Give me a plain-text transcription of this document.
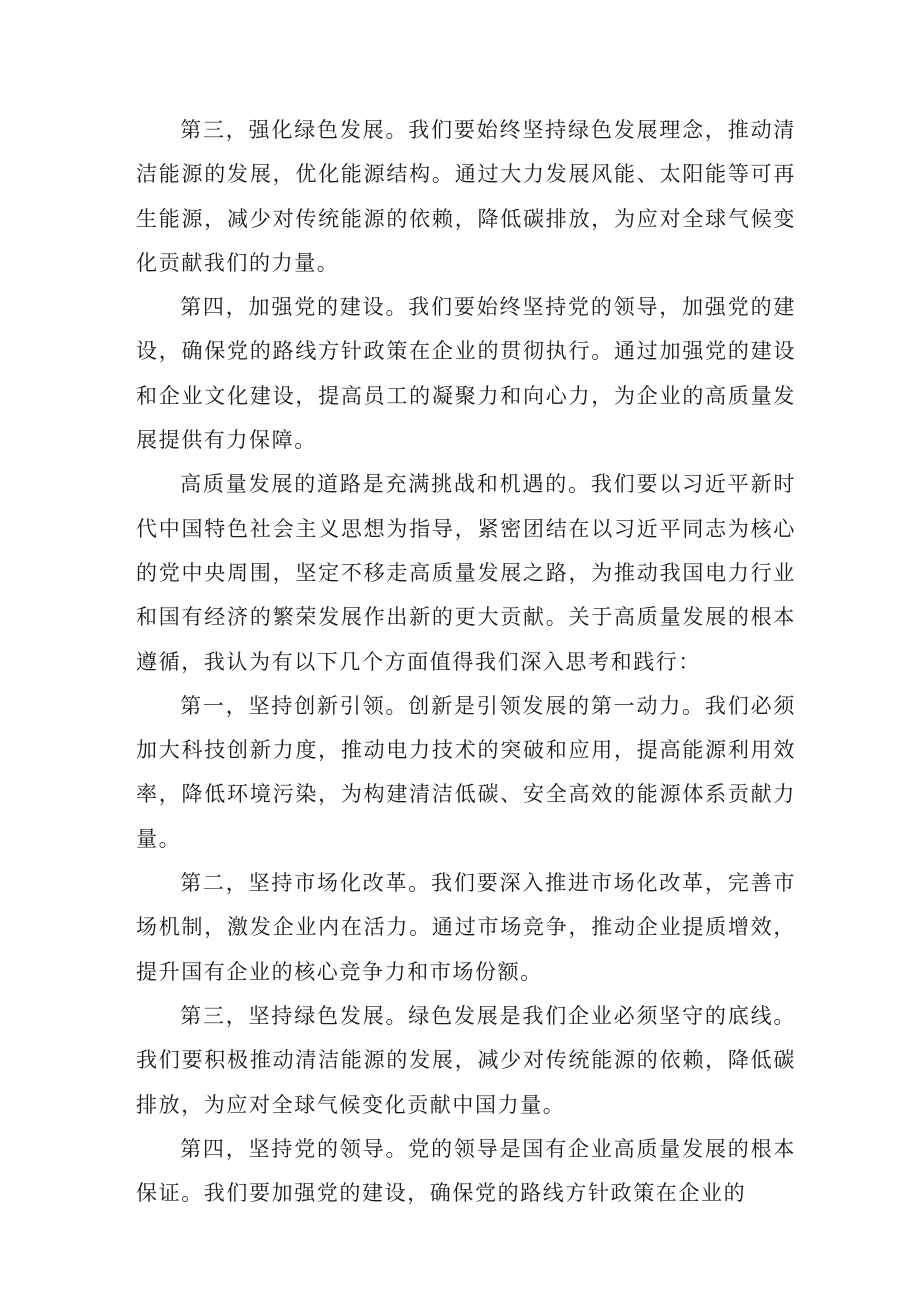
第三，强化绿色发展。我们要始终坚持绿色发展理念，推动清洁能源的发展，优化能源结构。通过大力发展风能、太阳能等可再生能源，减少对传统能源的依赖，降低碳排放，为应对全球气候变化贡献我们的力量。

第四，加强党的建设。我们要始终坚持党的领导，加强党的建设，确保党的路线方针政策在企业的贯彻执行。通过加强党的建设和企业文化建设，提高员工的凝聚力和向心力，为企业的高质量发展提供有力保障。

高质量发展的道路是充满挑战和机遇的。我们要以习近平新时代中国特色社会主义思想为指导，紧密团结在以习近平同志为核心的党中央周围，坚定不移走高质量发展之路，为推动我国电力行业和国有经济的繁荣发展作出新的更大贡献。关于高质量发展的根本遵循，我认为有以下几个方面值得我们深入思考和践行：

第一，坚持创新引领。创新是引领发展的第一动力。我们必须加大科技创新力度，推动电力技术的突破和应用，提高能源利用效率，降低环境污染，为构建清洁低碳、安全高效的能源体系贡献力量。

第二，坚持市场化改革。我们要深入推进市场化改革，完善市场机制，激发企业内在活力。通过市场竞争，推动企业提质增效，提升国有企业的核心竞争力和市场份额。

第三，坚持绿色发展。绿色发展是我们企业必须坚守的底线。我们要积极推动清洁能源的发展，减少对传统能源的依赖，降低碳排放，为应对全球气候变化贡献中国力量。

第四，坚持党的领导。党的领导是国有企业高质量发展的根本保证。我们要加强党的建设，确保党的路线方针政策在企业的
